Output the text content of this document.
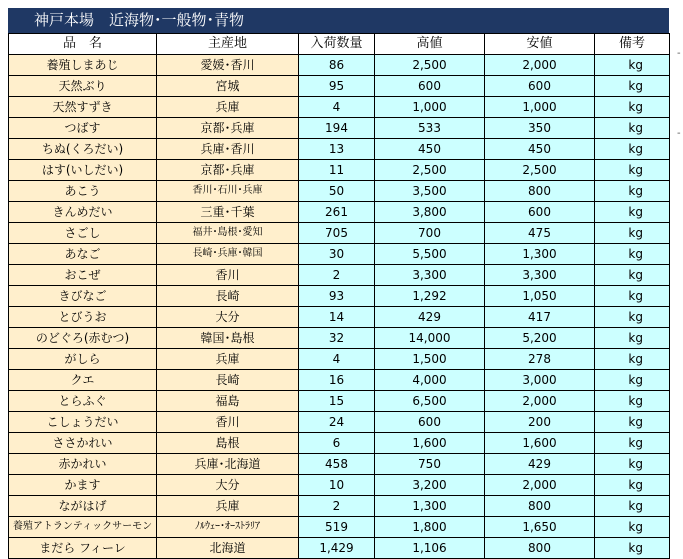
神戸本場　近海物･一般物･青物
品　名	主産地	入荷数量	高値	安値	備考
養殖しまあじ	愛媛･香川	86	2,500	2,000	kg
天然ぶり	宮城	95	600	600	kg
天然すずき	兵庫	4	1,000	1,000	kg
つばす	京都･兵庫	194	533	350	kg
ちぬ(くろだい)	兵庫･香川	13	450	450	kg
はす(いしだい)	京都･兵庫	11	2,500	2,500	kg
あこう	香川･石川･兵庫	50	3,500	800	kg
きんめだい	三重･千葉	261	3,800	600	kg
さごし	福井･島根･愛知	705	700	475	kg
あなご	長崎･兵庫･韓国	30	5,500	1,300	kg
おこぜ	香川	2	3,300	3,300	kg
きびなご	長崎	93	1,292	1,050	kg
とびうお	大分	14	429	417	kg
のどぐろ(赤むつ)	韓国･島根	32	14,000	5,200	kg
がしら	兵庫	4	1,500	278	kg
クエ	長崎	16	4,000	3,000	kg
とらふぐ	福島	15	6,500	2,000	kg
こしょうだい	香川	24	600	200	kg
ささかれい	島根	6	1,600	1,600	kg
赤かれい	兵庫･北海道	458	750	429	kg
かます	大分	10	3,200	2,000	kg
ながはげ	兵庫	2	1,300	800	kg
養殖アトランティックサーモン	ﾉﾙｳｪｰ･ｵｰｽﾄﾗﾘｱ	519	1,800	1,650	kg
まだら フィーレ	北海道	1,429	1,106	800	kg
-
-
